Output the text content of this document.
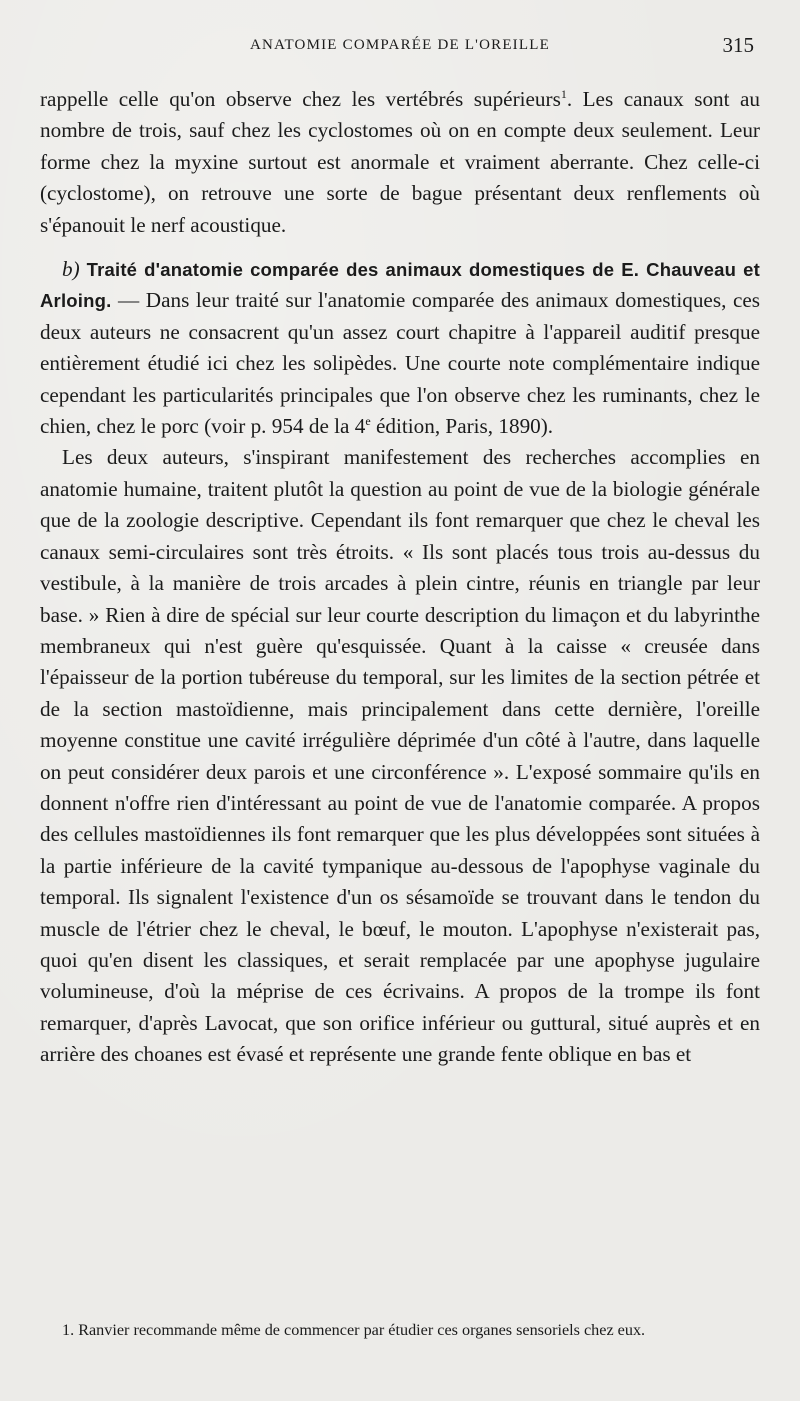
ANATOMIE COMPARÉE DE L'OREILLE	315

rappelle celle qu'on observe chez les vertébrés supérieurs$^1$. Les canaux sont au nombre de trois, sauf chez les cyclostomes où on en compte deux seulement. Leur forme chez la myxine surtout est anormale et vraiment aberrante. Chez celle-ci (cyclostome), on retrouve une sorte de bague présentant deux renflements où s'épanouit le nerf acoustique.

b) Traité d'anatomie comparée des animaux domestiques de E. Chauveau et Arloing. — Dans leur traité sur l'anatomie comparée des animaux domestiques, ces deux auteurs ne consacrent qu'un assez court chapitre à l'appareil auditif presque entièrement étudié ici chez les solipèdes. Une courte note complémentaire indique cependant les particularités principales que l'on observe chez les ruminants, chez le chien, chez le porc (voir p. 954 de la 4e édition, Paris, 1890).

Les deux auteurs, s'inspirant manifestement des recherches accomplies en anatomie humaine, traitent plutôt la question au point de vue de la biologie générale que de la zoologie descriptive. Cependant ils font remarquer que chez le cheval les canaux semi-circulaires sont très étroits. « Ils sont placés tous trois au-dessus du vestibule, à la manière de trois arcades à plein cintre, réunis en triangle par leur base. » Rien à dire de spécial sur leur courte description du limaçon et du labyrinthe membraneux qui n'est guère qu'esquissée. Quant à la caisse « creusée dans l'épaisseur de la portion tubéreuse du temporal, sur les limites de la section pétrée et de la section mastoïdienne, mais principalement dans cette dernière, l'oreille moyenne constitue une cavité irrégulière déprimée d'un côté à l'autre, dans laquelle on peut considérer deux parois et une circonférence ». L'exposé sommaire qu'ils en donnent n'offre rien d'intéressant au point de vue de l'anatomie comparée. A propos des cellules mastoïdiennes ils font remarquer que les plus développées sont situées à la partie inférieure de la cavité tympanique au-dessous de l'apophyse vaginale du temporal. Ils signalent l'existence d'un os sésamoïde se trouvant dans le tendon du muscle de l'étrier chez le cheval, le bœuf, le mouton. L'apophyse n'existerait pas, quoi qu'en disent les classiques, et serait remplacée par une apophyse jugulaire volumineuse, d'où la méprise de ces écrivains. A propos de la trompe ils font remarquer, d'après Lavocat, que son orifice inférieur ou guttural, situé auprès et en arrière des choanes est évasé et représente une grande fente oblique en bas et

1. Ranvier recommande même de commencer par étudier ces organes sensoriels chez eux.
